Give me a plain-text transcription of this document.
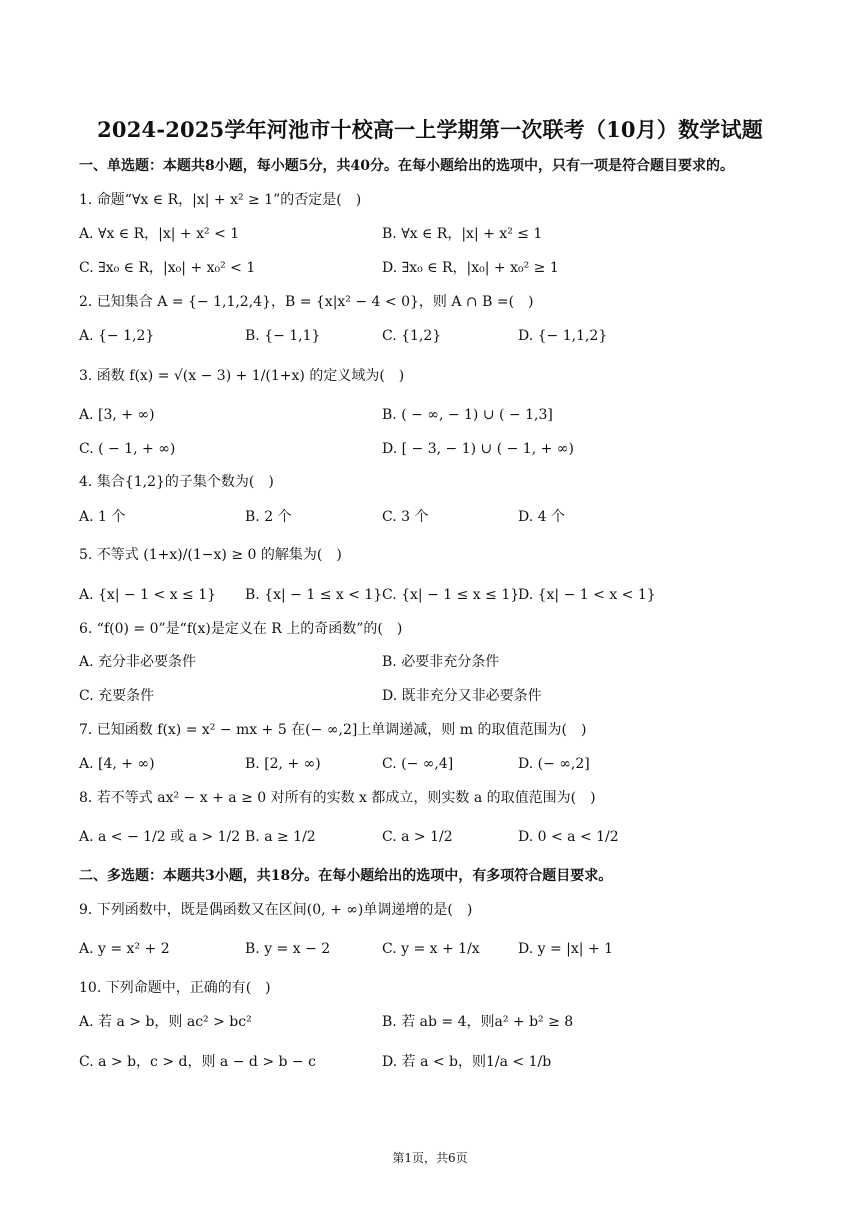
2024-2025学年河池市十校高一上学期第一次联考（10月）数学试题
一、单选题：本题共8小题，每小题5分，共40分。在每小题给出的选项中，只有一项是符合题目要求的。
1. 命题“∀x ∈ R，|x| + x² ≥ 1”的否定是(　)
A. ∀x ∈ R，|x| + x² < 1	B. ∀x ∈ R，|x| + x² ≤ 1
C. ∃x₀ ∈ R，|x₀| + x₀² < 1	D. ∃x₀ ∈ R，|x₀| + x₀² ≥ 1
2. 已知集合 A = {− 1,1,2,4}，B = {x|x² − 4 < 0}，则 A ∩ B =(　)
A. {− 1,2}	B. {− 1,1}	C. {1,2}	D. {− 1,1,2}
3. 函数 f(x) = √(x − 3) + 1/(1+x) 的定义域为(　)
A. [3, + ∞)	B. ( − ∞, − 1) ∪ ( − 1,3]
C. ( − 1, + ∞)	D. [ − 3, − 1) ∪ ( − 1, + ∞)
4. 集合{1,2}的子集个数为(　)
A. 1 个	B. 2 个	C. 3 个	D. 4 个
5. 不等式 (1+x)/(1−x) ≥ 0 的解集为(　)
A. {x| − 1 < x ≤ 1} B. {x| − 1 ≤ x < 1} C. {x| − 1 ≤ x ≤ 1}
D. {x| − 1 < x < 1}
6. “f(0) = 0”是“f(x)是定义在 R 上的奇函数”的(　)
A. 充分非必要条件	B. 必要非充分条件
C. 充要条件	D. 既非充分又非必要条件
7. 已知函数 f(x) = x² − mx + 5 在(− ∞,2]上单调递减，则 m 的取值范围为(　)
A. [4, + ∞)	B. [2, + ∞)	C. (− ∞,4]	D. (− ∞,2]
8. 若不等式 ax² − x + a ≥ 0 对所有的实数 x 都成立，则实数 a 的取值范围为(　)
A. a < − 1/2 或 a > 1/2 B. a ≥ 1/2	C. a > 1/2	D. 0 < a < 1/2
二、多选题：本题共3小题，共18分。在每小题给出的选项中，有多项符合题目要求。
9. 下列函数中，既是偶函数又在区间(0, + ∞)单调递增的是(　)
A. y = x² + 2	B. y = x − 2	C. y = x + 1/x	D. y = |x| + 1
10. 下列命题中，正确的有(　)
A. 若 a > b，则 ac² > bc²	B. 若 ab = 4，则a² + b² ≥ 8
C. a > b，c > d，则 a − d > b − c	D. 若 a < b，则1/a < 1/b
第1页，共6页
